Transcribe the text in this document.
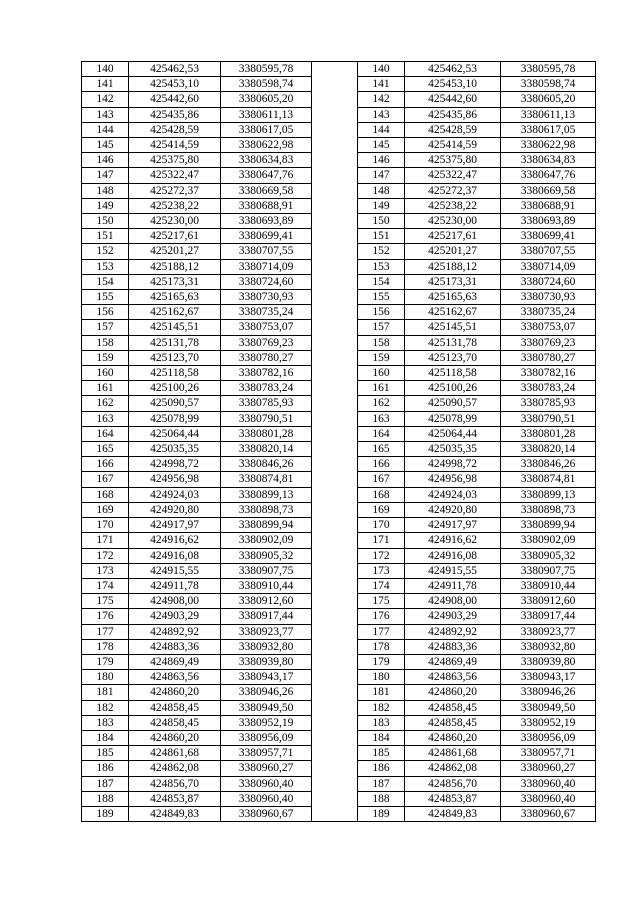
140	425462,53	3380595,78		140	425462,53	3380595,78
141	425453,10	3380598,74		141	425453,10	3380598,74
142	425442,60	3380605,20		142	425442,60	3380605,20
143	425435,86	3380611,13		143	425435,86	3380611,13
144	425428,59	3380617,05		144	425428,59	3380617,05
145	425414,59	3380622,98		145	425414,59	3380622,98
146	425375,80	3380634,83		146	425375,80	3380634,83
147	425322,47	3380647,76		147	425322,47	3380647,76
148	425272,37	3380669,58		148	425272,37	3380669,58
149	425238,22	3380688,91		149	425238,22	3380688,91
150	425230,00	3380693,89		150	425230,00	3380693,89
151	425217,61	3380699,41		151	425217,61	3380699,41
152	425201,27	3380707,55		152	425201,27	3380707,55
153	425188,12	3380714,09		153	425188,12	3380714,09
154	425173,31	3380724,60		154	425173,31	3380724,60
155	425165,63	3380730,93		155	425165,63	3380730,93
156	425162,67	3380735,24		156	425162,67	3380735,24
157	425145,51	3380753,07		157	425145,51	3380753,07
158	425131,78	3380769,23		158	425131,78	3380769,23
159	425123,70	3380780,27		159	425123,70	3380780,27
160	425118,58	3380782,16		160	425118,58	3380782,16
161	425100,26	3380783,24		161	425100,26	3380783,24
162	425090,57	3380785,93		162	425090,57	3380785,93
163	425078,99	3380790,51		163	425078,99	3380790,51
164	425064,44	3380801,28		164	425064,44	3380801,28
165	425035,35	3380820,14		165	425035,35	3380820,14
166	424998,72	3380846,26		166	424998,72	3380846,26
167	424956,98	3380874,81		167	424956,98	3380874,81
168	424924,03	3380899,13		168	424924,03	3380899,13
169	424920,80	3380898,73		169	424920,80	3380898,73
170	424917,97	3380899,94		170	424917,97	3380899,94
171	424916,62	3380902,09		171	424916,62	3380902,09
172	424916,08	3380905,32		172	424916,08	3380905,32
173	424915,55	3380907,75		173	424915,55	3380907,75
174	424911,78	3380910,44		174	424911,78	3380910,44
175	424908,00	3380912,60		175	424908,00	3380912,60
176	424903,29	3380917,44		176	424903,29	3380917,44
177	424892,92	3380923,77		177	424892,92	3380923,77
178	424883,36	3380932,80		178	424883,36	3380932,80
179	424869,49	3380939,80		179	424869,49	3380939,80
180	424863,56	3380943,17		180	424863,56	3380943,17
181	424860,20	3380946,26		181	424860,20	3380946,26
182	424858,45	3380949,50		182	424858,45	3380949,50
183	424858,45	3380952,19		183	424858,45	3380952,19
184	424860,20	3380956,09		184	424860,20	3380956,09
185	424861,68	3380957,71		185	424861,68	3380957,71
186	424862,08	3380960,27		186	424862,08	3380960,27
187	424856,70	3380960,40		187	424856,70	3380960,40
188	424853,87	3380960,40		188	424853,87	3380960,40
189	424849,83	3380960,67		189	424849,83	3380960,67
